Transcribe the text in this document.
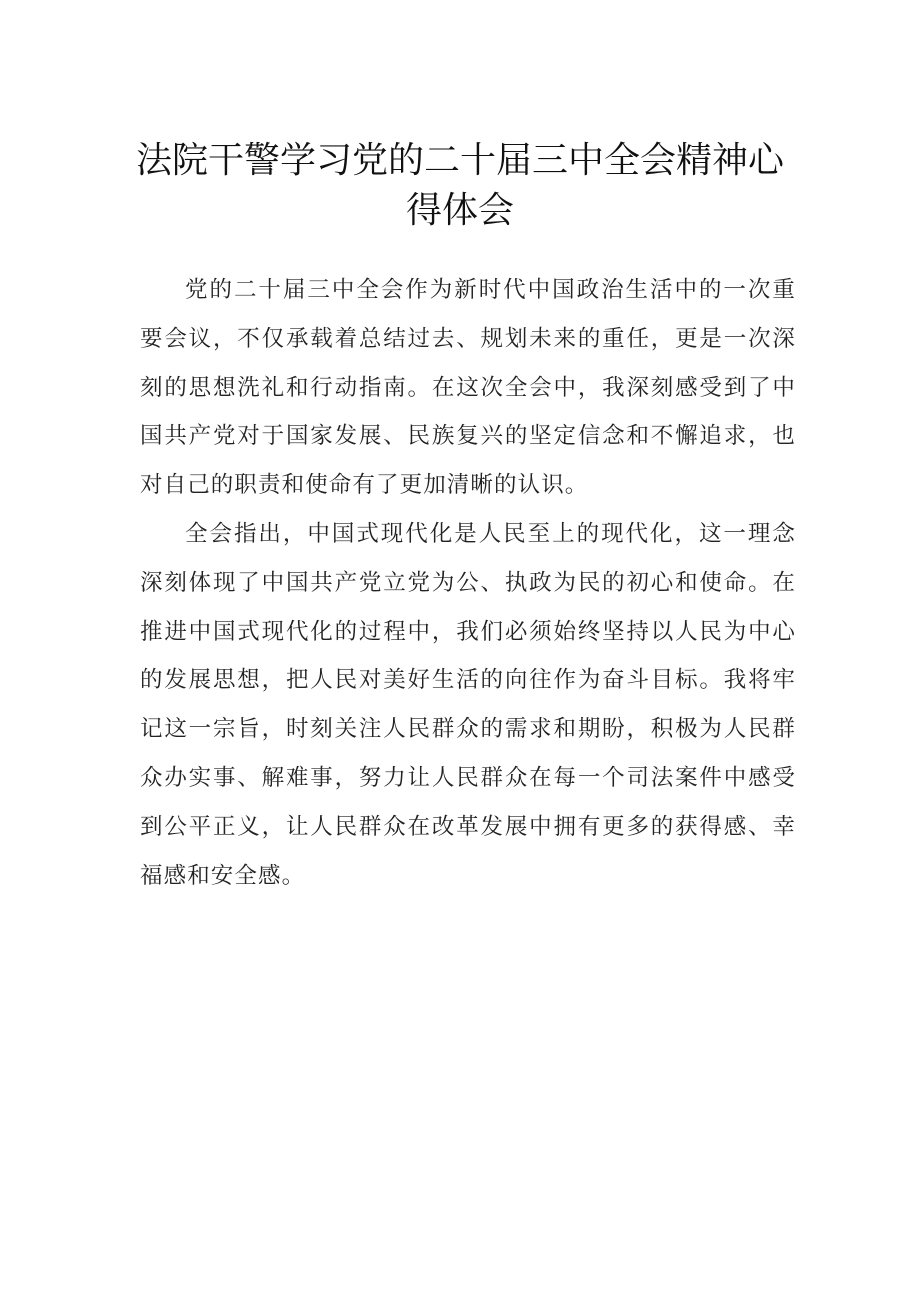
法院干警学习党的二十届三中全会精神心得体会

党的二十届三中全会作为新时代中国政治生活中的一次重要会议，不仅承载着总结过去、规划未来的重任，更是一次深刻的思想洗礼和行动指南。在这次全会中，我深刻感受到了中国共产党对于国家发展、民族复兴的坚定信念和不懈追求，也对自己的职责和使命有了更加清晰的认识。

全会指出，中国式现代化是人民至上的现代化，这一理念深刻体现了中国共产党立党为公、执政为民的初心和使命。在推进中国式现代化的过程中，我们必须始终坚持以人民为中心的发展思想，把人民对美好生活的向往作为奋斗目标。我将牢记这一宗旨，时刻关注人民群众的需求和期盼，积极为人民群众办实事、解难事，努力让人民群众在每一个司法案件中感受到公平正义，让人民群众在改革发展中拥有更多的获得感、幸福感和安全感。
